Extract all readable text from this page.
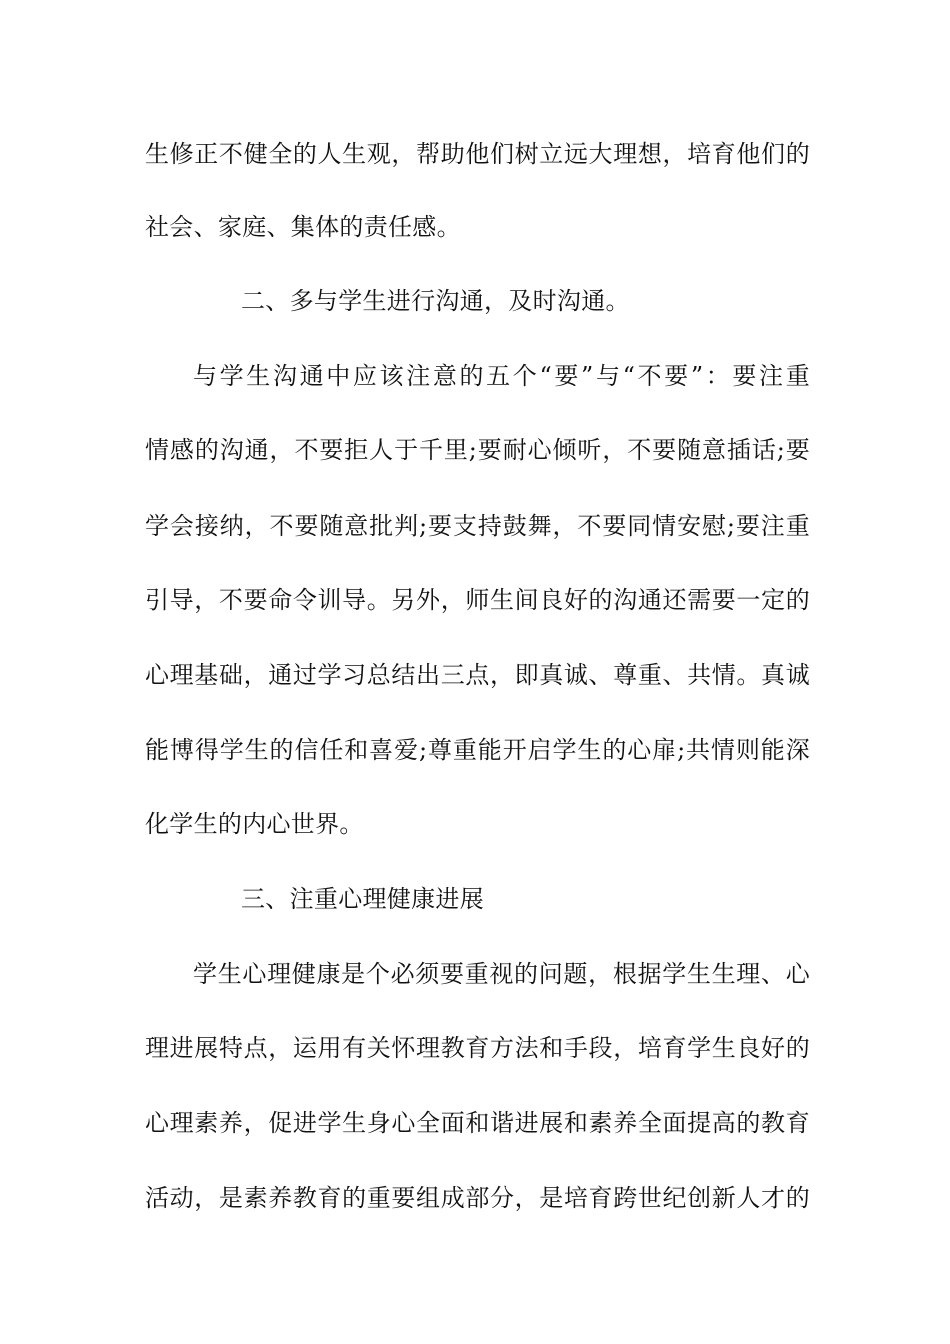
生修正不健全的人生观，帮助他们树立远大理想，培育他们的
社会、家庭、集体的责任感。
二、多与学生进行沟通，及时沟通。
与学生沟通中应该注意的五个“要”与“不要”：要注重
情感的沟通，不要拒人于千里;要耐心倾听，不要随意插话;要
学会接纳，不要随意批判;要支持鼓舞，不要同情安慰;要注重
引导，不要命令训导。另外，师生间良好的沟通还需要一定的
心理基础，通过学习总结出三点，即真诚、尊重、共情。真诚
能博得学生的信任和喜爱;尊重能开启学生的心扉;共情则能深
化学生的内心世界。
三、注重心理健康进展
学生心理健康是个必须要重视的问题，根据学生生理、心
理进展特点，运用有关怀理教育方法和手段，培育学生良好的
心理素养，促进学生身心全面和谐进展和素养全面提高的教育
活动，是素养教育的重要组成部分，是培育跨世纪创新人才的
